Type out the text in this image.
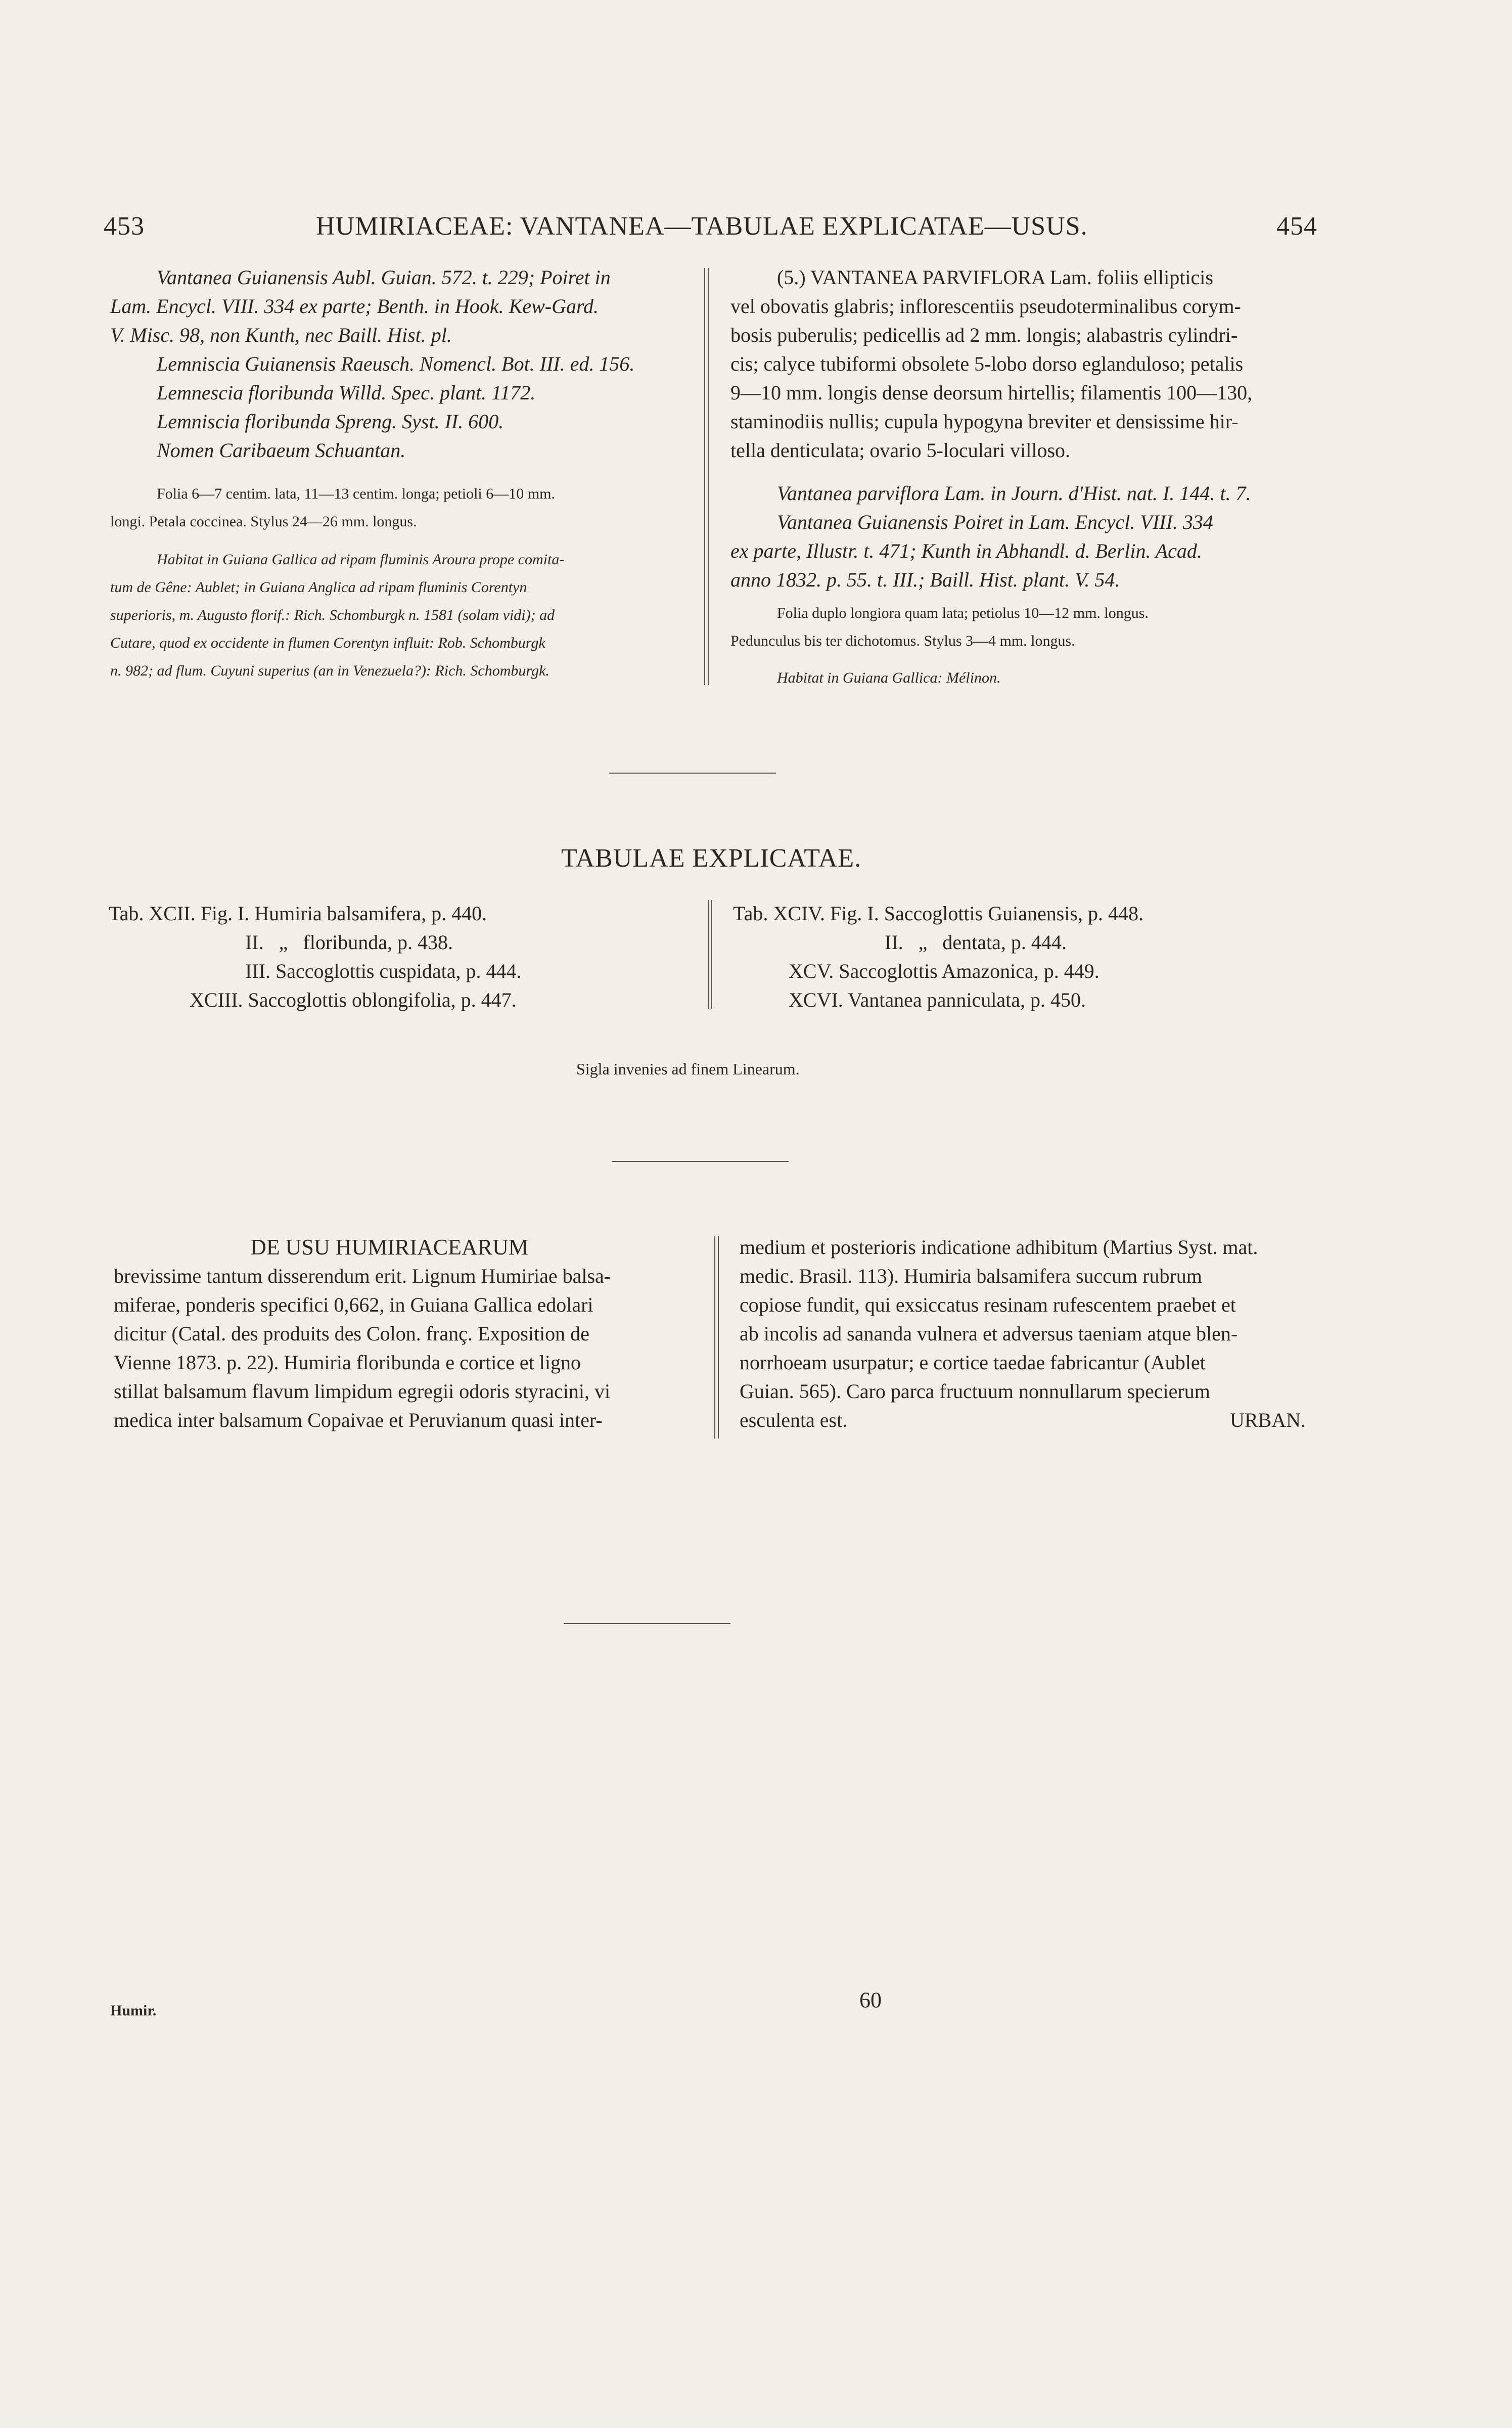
453	HUMIRIACEAE: VANTANEA—TABULAE EXPLICATAE—USUS.	454
Vantanea Guianensis Aubl. Guian. 572. t. 229; Poiret in
Lam. Encycl. VIII. 334 ex parte; Benth. in Hook. Kew-Gard.
V. Misc. 98, non Kunth, nec Baill. Hist. pl.
Lemniscia Guianensis Raeusch. Nomencl. Bot. III. ed. 156.
Lemnescia floribunda Willd. Spec. plant. 1172.
Lemniscia floribunda Spreng. Syst. II. 600.
Nomen Caribaeum Schuantan.
Folia 6—7 centim. lata, 11—13 centim. longa; petioli 6—10 mm.
longi. Petala coccinea. Stylus 24—26 mm. longus.
Habitat in Guiana Gallica ad ripam fluminis Aroura prope comita-
tum de Gêne: Aublet; in Guiana Anglica ad ripam fluminis Corentyn
superioris, m. Augusto florif.: Rich. Schomburgk n. 1581 (solam vidi); ad
Cutare, quod ex occidente in flumen Corentyn influit: Rob. Schomburgk
n. 982; ad flum. Cuyuni superius (an in Venezuela?): Rich. Schomburgk.
(5.) VANTANEA PARVIFLORA Lam. foliis ellipticis
vel obovatis glabris; inflorescentiis pseudoterminalibus corym-
bosis puberulis; pedicellis ad 2 mm. longis; alabastris cylindri-
cis; calyce tubiformi obsolete 5-lobo dorso eglanduloso; petalis
9—10 mm. longis dense deorsum hirtellis; filamentis 100—130,
staminodiis nullis; cupula hypogyna breviter et densissime hir-
tella denticulata; ovario 5-loculari villoso.
Vantanea parviflora Lam. in Journ. d'Hist. nat. I. 144. t. 7.
Vantanea Guianensis Poiret in Lam. Encycl. VIII. 334
ex parte, Illustr. t. 471; Kunth in Abhandl. d. Berlin. Acad.
anno 1832. p. 55. t. III.; Baill. Hist. plant. V. 54.
Folia duplo longiora quam lata; petiolus 10—12 mm. longus.
Pedunculus bis ter dichotomus. Stylus 3—4 mm. longus.
Habitat in Guiana Gallica: Mélinon.
TABULAE EXPLICATAE.
Tab. XCII. Fig. I. Humiria balsamifera, p. 440.
II.   „   floribunda, p. 438.
III. Saccoglottis cuspidata, p. 444.
XCIII. Saccoglottis oblongifolia, p. 447.
Tab. XCIV. Fig. I. Saccoglottis Guianensis, p. 448.
II.   „   dentata, p. 444.
XCV. Saccoglottis Amazonica, p. 449.
XCVI. Vantanea panniculata, p. 450.
Sigla invenies ad finem Linearum.
DE USU HUMIRIACEARUM
brevissime tantum disserendum erit. Lignum Humiriae balsa-
miferae, ponderis specifici 0,662, in Guiana Gallica edolari
dicitur (Catal. des produits des Colon. franç. Exposition de
Vienne 1873. p. 22). Humiria floribunda e cortice et ligno
stillat balsamum flavum limpidum egregii odoris styracini, vi
medica inter balsamum Copaivae et Peruvianum quasi inter-
medium et posterioris indicatione adhibitum (Martius Syst. mat.
medic. Brasil. 113). Humiria balsamifera succum rubrum
copiose fundit, qui exsiccatus resinam rufescentem praebet et
ab incolis ad sananda vulnera et adversus taeniam atque blen-
norrhoeam usurpatur; e cortice taedae fabricantur (Aublet
Guian. 565). Caro parca fructuum nonnullarum specierum
esculenta est.	URBAN.
60
Humir.
